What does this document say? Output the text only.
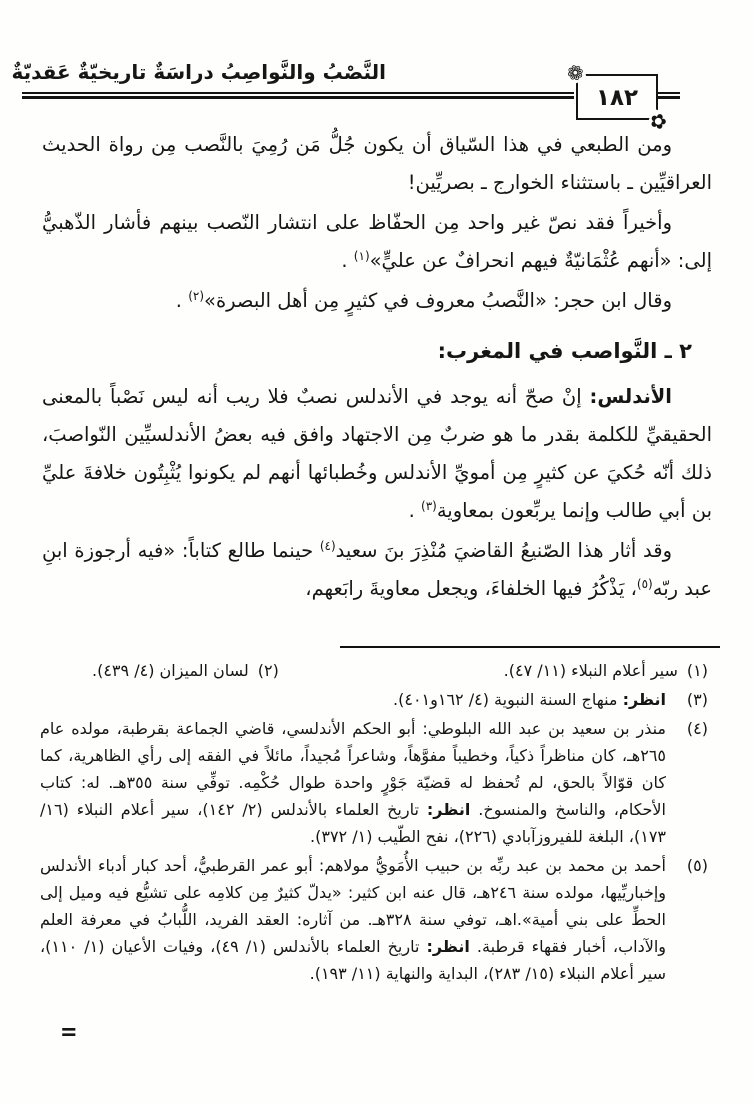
النَّصْبُ والنَّواصِبُ دراسَةٌ تاريخيّةٌ عَقديّةٌ	❁
✿
١٨٢

ومن الطبعي في هذا السّياق أن يكون جُلُّ مَن رُمِيَ بالنَّصب مِن رواة الحديث العراقيِّين ـ باستثناء الخوارج ـ بصريِّين!

وأخيراً فقد نصّ غير واحد مِن الحفّاظ على انتشار النّصب بينهم فأشار الذّهبيُّ إلى: «أنهم عُثْمَانيّةٌ فيهم انحرافٌ عن عليٍّ»$^{(١)}$ .

وقال ابن حجر: «النَّصبُ معروف في كثيرٍ مِن أهل البصرة»$^{(٢)}$ .

٢ ـ النَّواصب في المغرب:

الأندلس: إنْ صحّ أنه يوجد في الأندلس نصبٌ فلا ريب أنه ليس نَصْباً بالمعنى الحقيقيِّ للكلمة بقدر ما هو ضربٌ مِن الاجتهاد وافق فيه بعضُ الأندلسيِّين النّواصبَ، ذلك أنّه حُكيَ عن كثيرٍ مِن أمويِّ الأندلس وخُطبائها أنهم لم يكونوا يُثْبِتُون خلافةَ عليِّ بن أبي طالب وإنما يربِّعون بمعاوية$^{(٣)}$ .

وقد أثار هذا الصّنيعُ القاضيَ مُنْذِرَ بنَ سعيد$^{(٤)}$ حينما طالع كتاباً: «فيه أرجوزة ابنِ عبد ربّه$^{(٥)}$، يَذْكُرُ فيها الخلفاءَ، ويجعل معاويةَ رابَعهم،

(١)سير أعلام النبلاء (١١/ ٤٧).
(٢)لسان الميزان (٤/ ٤٣٩).
(٣)
انظر: منهاج السنة النبوية (٤/ ١٦٢و٤٠١).
(٤)
منذر بن سعيد بن عبد الله البلوطي: أبو الحكم الأندلسي، قاضي الجماعة بقرطبة، مولده عام ٢٦٥هـ، كان مناظراً ذكياً، وخطيباً مفوَّهاً، وشاعراً مُجيداً، مائلاً في الفقه إلى رأي الظاهرية، كما كان قوّالاً بالحق، لم تُحفظ له قضيّة جَوْرٍ واحدة طوال حُكْمِه. توفِّي سنة ٣٥٥هـ. له: كتاب الأحكام، والناسخ والمنسوخ. انظر: تاريخ العلماء بالأندلس (٢/ ١٤٢)، سير أعلام النبلاء (١٦/ ١٧٣)، البلغة للفيروزآبادي (٢٢٦)، نفح الطّيب (١/ ٣٧٢).
(٥)
أحمد بن محمد بن عبد ربِّه بن حبيب الأُمَويُّ مولاهم: أبو عمر القرطبيُّ، أحد كبار أدباء الأندلس وإخباريِّيها، مولده سنة ٢٤٦هـ، قال عنه ابن كثير: «يدلّ كثيرٌ مِن كلامِه على تشيُّع فيه وميل إلى الحطِّ على بني أمية».اهـ، توفي سنة ٣٢٨هـ. من آثاره: العقد الفريد، اللُّبابُ في معرفة العلم والآداب، أخبار فقهاء قرطبة. انظر: تاريخ العلماء بالأندلس (١/ ٤٩)، وفيات الأعيان (١/ ١١٠)، سير أعلام النبلاء (١٥/ ٢٨٣)، البداية والنهاية (١١/ ١٩٣).
=
